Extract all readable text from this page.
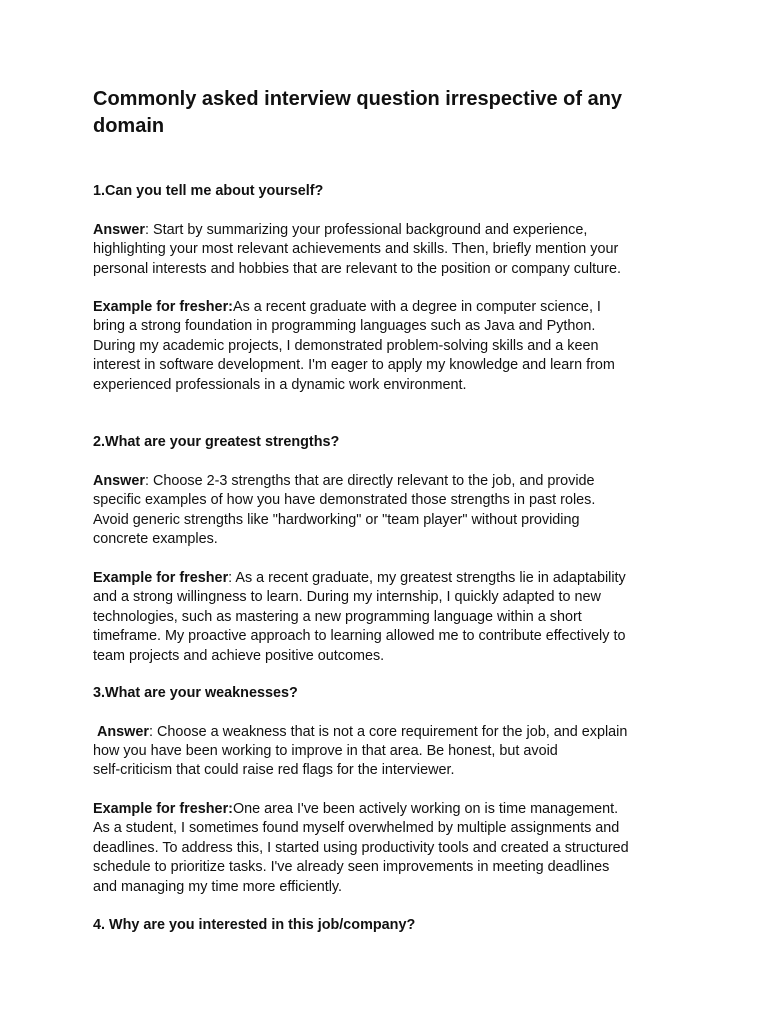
Commonly asked interview question irrespective of any domain

1.Can you tell me about yourself?

Answer: Start by summarizing your professional background and experience,
highlighting your most relevant achievements and skills. Then, briefly mention your
personal interests and hobbies that are relevant to the position or company culture.

Example for fresher:As a recent graduate with a degree in computer science, I
bring a strong foundation in programming languages such as Java and Python.
During my academic projects, I demonstrated problem-solving skills and a keen
interest in software development. I'm eager to apply my knowledge and learn from
experienced professionals in a dynamic work environment.

2.What are your greatest strengths?

Answer: Choose 2-3 strengths that are directly relevant to the job, and provide
specific examples of how you have demonstrated those strengths in past roles.
Avoid generic strengths like "hardworking" or "team player" without providing
concrete examples.

Example for fresher: As a recent graduate, my greatest strengths lie in adaptability
and a strong willingness to learn. During my internship, I quickly adapted to new
technologies, such as mastering a new programming language within a short
timeframe. My proactive approach to learning allowed me to contribute effectively to
team projects and achieve positive outcomes.

3.What are your weaknesses?

Answer: Choose a weakness that is not a core requirement for the job, and explain

how you have been working to improve in that area. Be honest, but avoid
self-criticism that could raise red flags for the interviewer.

Example for fresher:One area I've been actively working on is time management.
As a student, I sometimes found myself overwhelmed by multiple assignments and
deadlines. To address this, I started using productivity tools and created a structured
schedule to prioritize tasks. I've already seen improvements in meeting deadlines
and managing my time more efficiently.

4. Why are you interested in this job/company?
